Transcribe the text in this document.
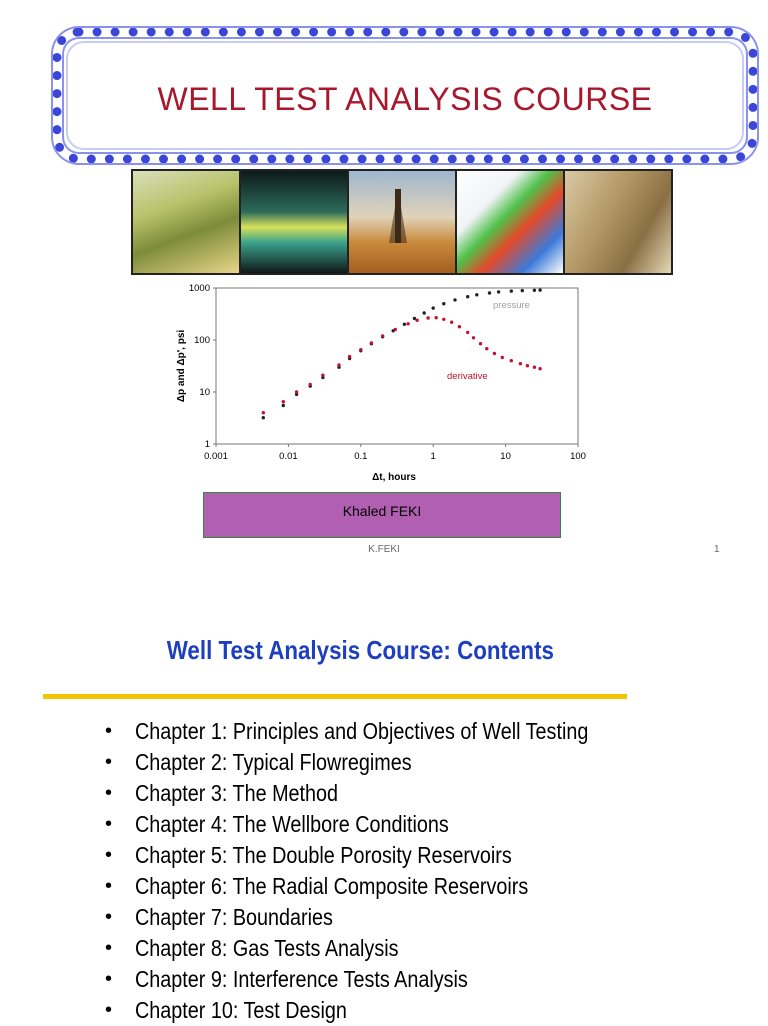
WELL TEST ANALYSIS COURSE
0.001	0.01	0.1	1	10	100
1
10
100
1000
pressure
derivative
Δt, hours
Δp and Δp', psi
Khaled FEKI
K.FEKI	1
Well Test Analysis Course: Contents
• Chapter 1: Principles and Objectives of Well Testing
• Chapter 2: Typical Flowregimes
• Chapter 3: The Method
• Chapter 4: The Wellbore Conditions
• Chapter 5: The Double Porosity Reservoirs
• Chapter 6: The Radial Composite Reservoirs
• Chapter 7: Boundaries
• Chapter 8: Gas Tests Analysis
• Chapter 9: Interference Tests Analysis
• Chapter 10: Test Design
